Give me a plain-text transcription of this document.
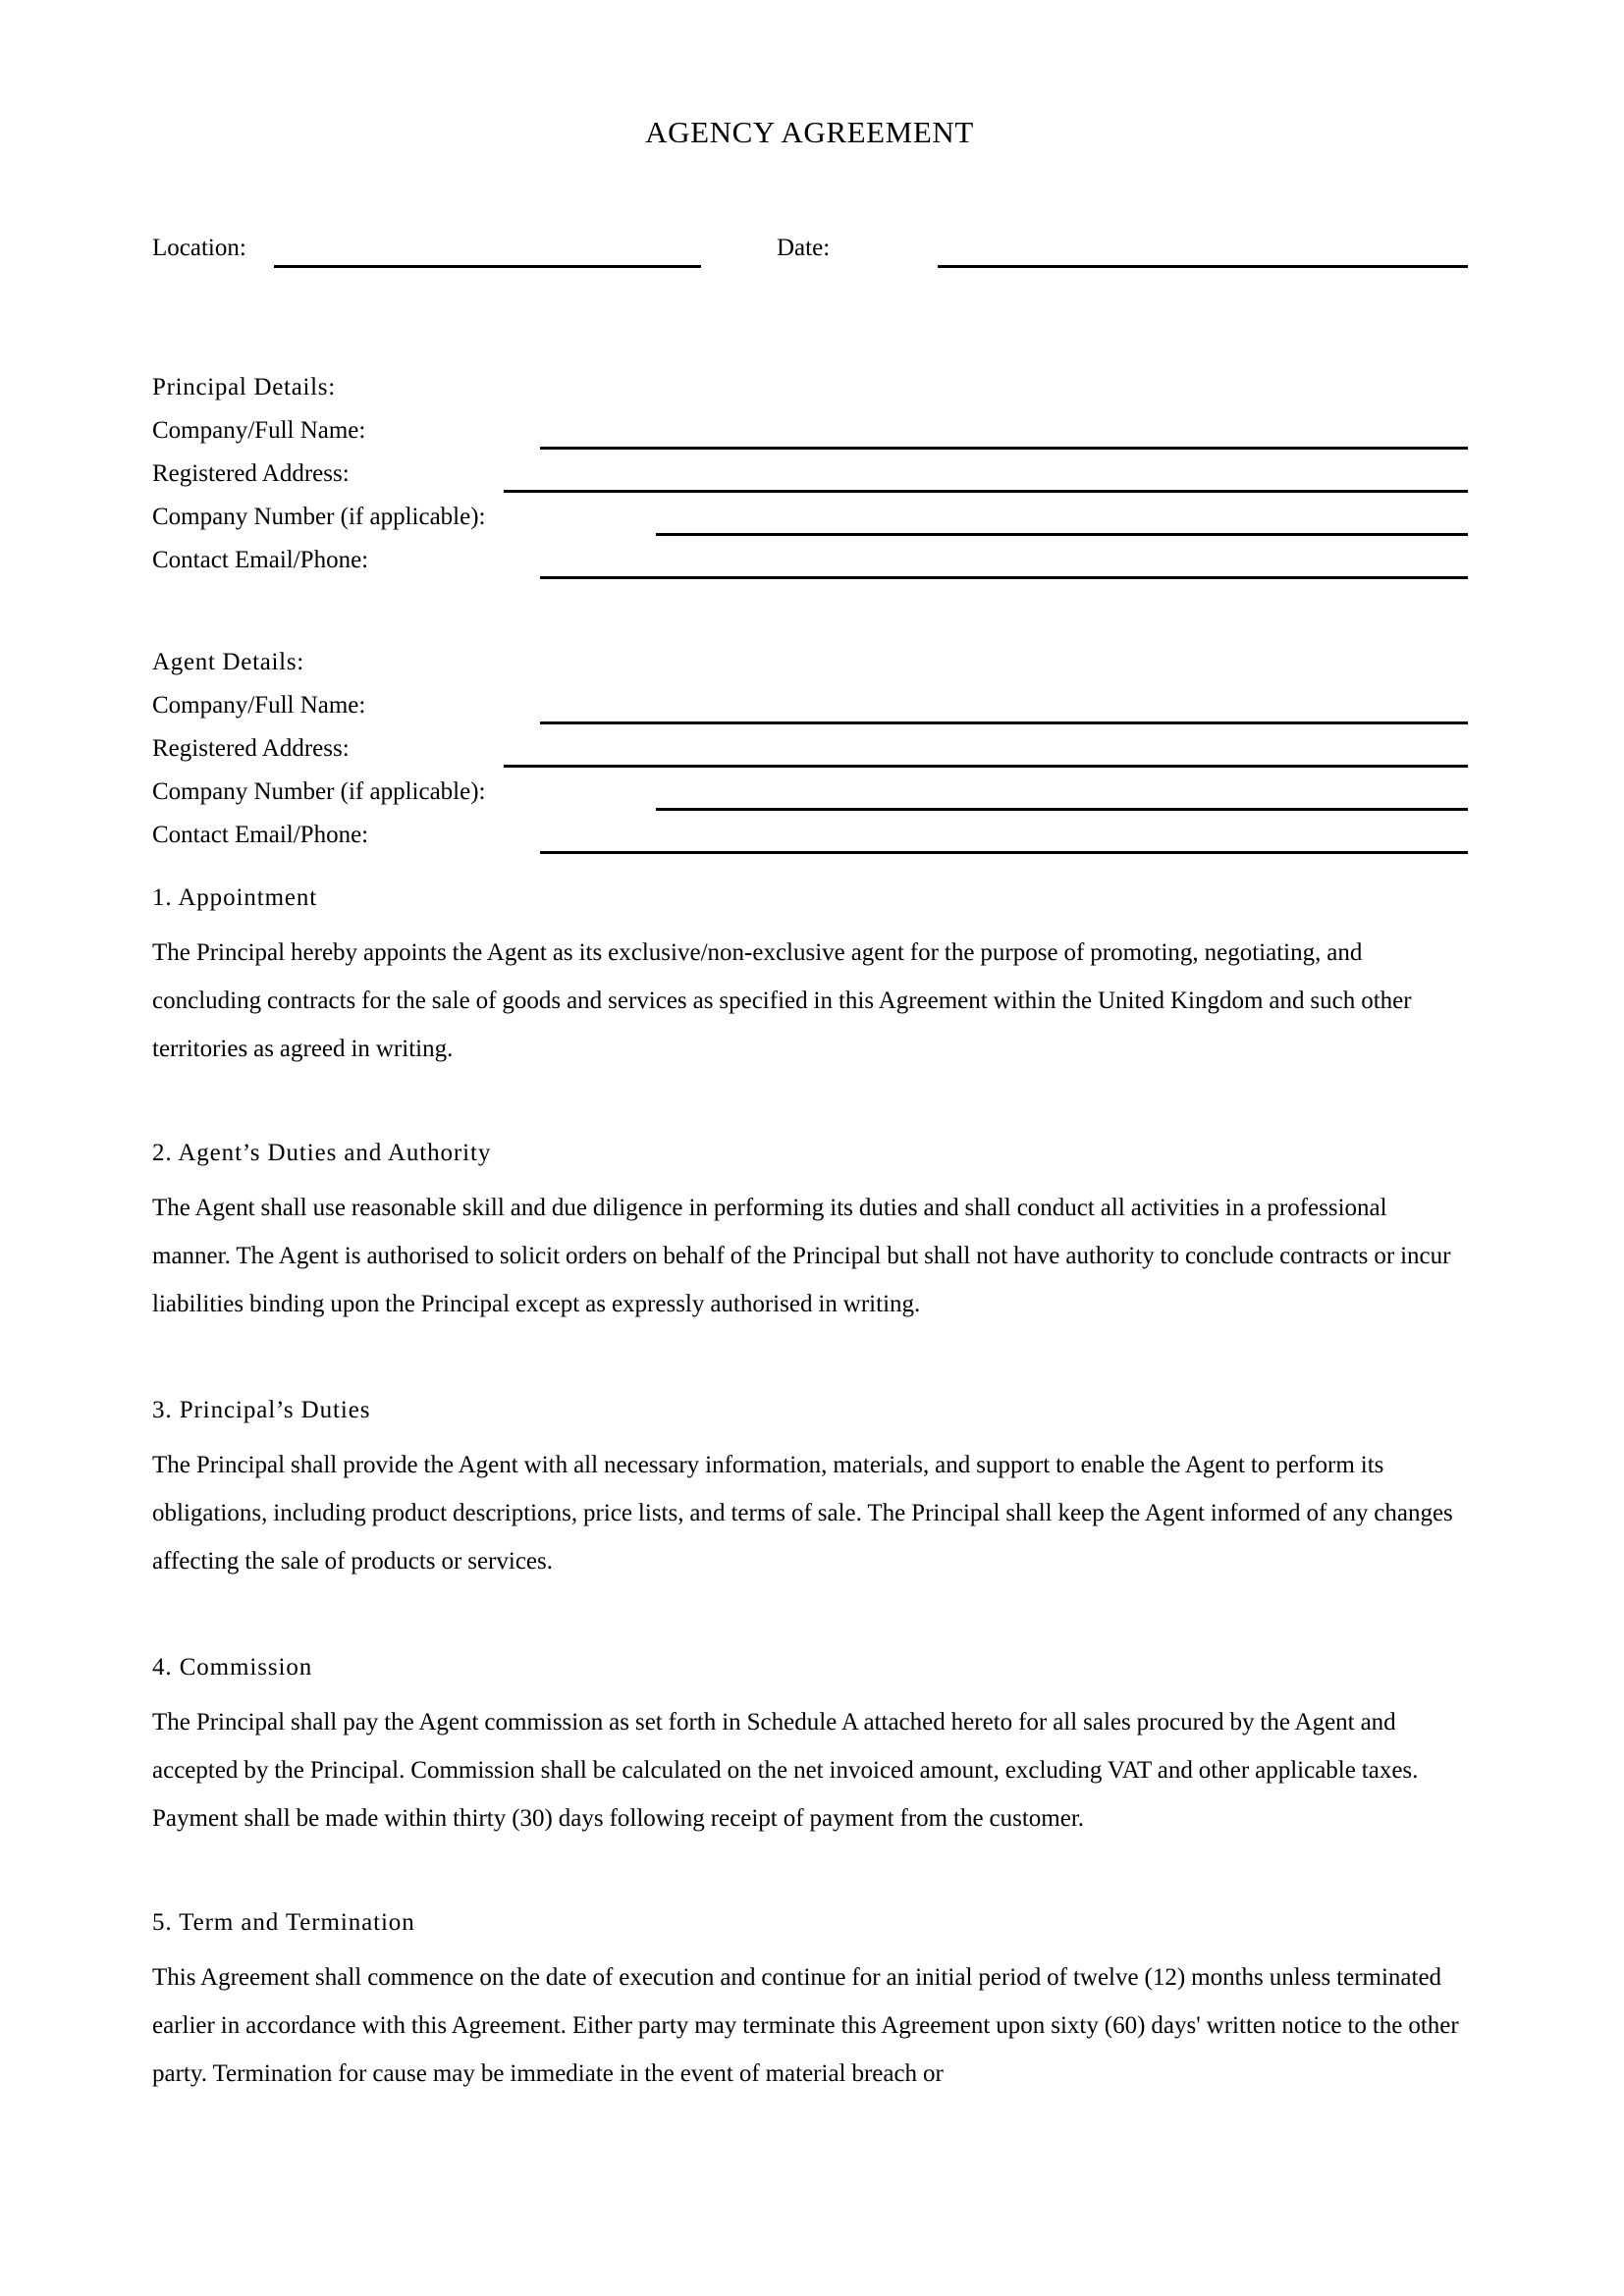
AGENCY AGREEMENT
Location:	Date:
Principal Details:
Company/Full Name:
Registered Address:
Company Number (if applicable):
Contact Email/Phone:
Agent Details:
Company/Full Name:
Registered Address:
Company Number (if applicable):
Contact Email/Phone:
1. Appointment

The Principal hereby appoints the Agent as its exclusive/non-exclusive agent for the purpose of promoting, negotiating, and concluding contracts for the sale of goods and services as specified in this Agreement within the United Kingdom and such other territories as agreed in writing.

2. Agent’s Duties and Authority

The Agent shall use reasonable skill and due diligence in performing its duties and shall conduct all activities in a professional manner. The Agent is authorised to solicit orders on behalf of the Principal but shall not have authority to conclude contracts or incur liabilities binding upon the Principal except as expressly authorised in writing.

3. Principal’s Duties

The Principal shall provide the Agent with all necessary information, materials, and support to enable the Agent to perform its obligations, including product descriptions, price lists, and terms of sale. The Principal shall keep the Agent informed of any changes affecting the sale of products or services.

4. Commission

The Principal shall pay the Agent commission as set forth in Schedule A attached hereto for all sales procured by the Agent and accepted by the Principal. Commission shall be calculated on the net invoiced amount, excluding VAT and other applicable taxes. Payment shall be made within thirty (30) days following receipt of payment from the customer.

5. Term and Termination

This Agreement shall commence on the date of execution and continue for an initial period of twelve (12) months unless terminated earlier in accordance with this Agreement. Either party may terminate this Agreement upon sixty (60) days' written notice to the other party. Termination for cause may be immediate in the event of material breach or
